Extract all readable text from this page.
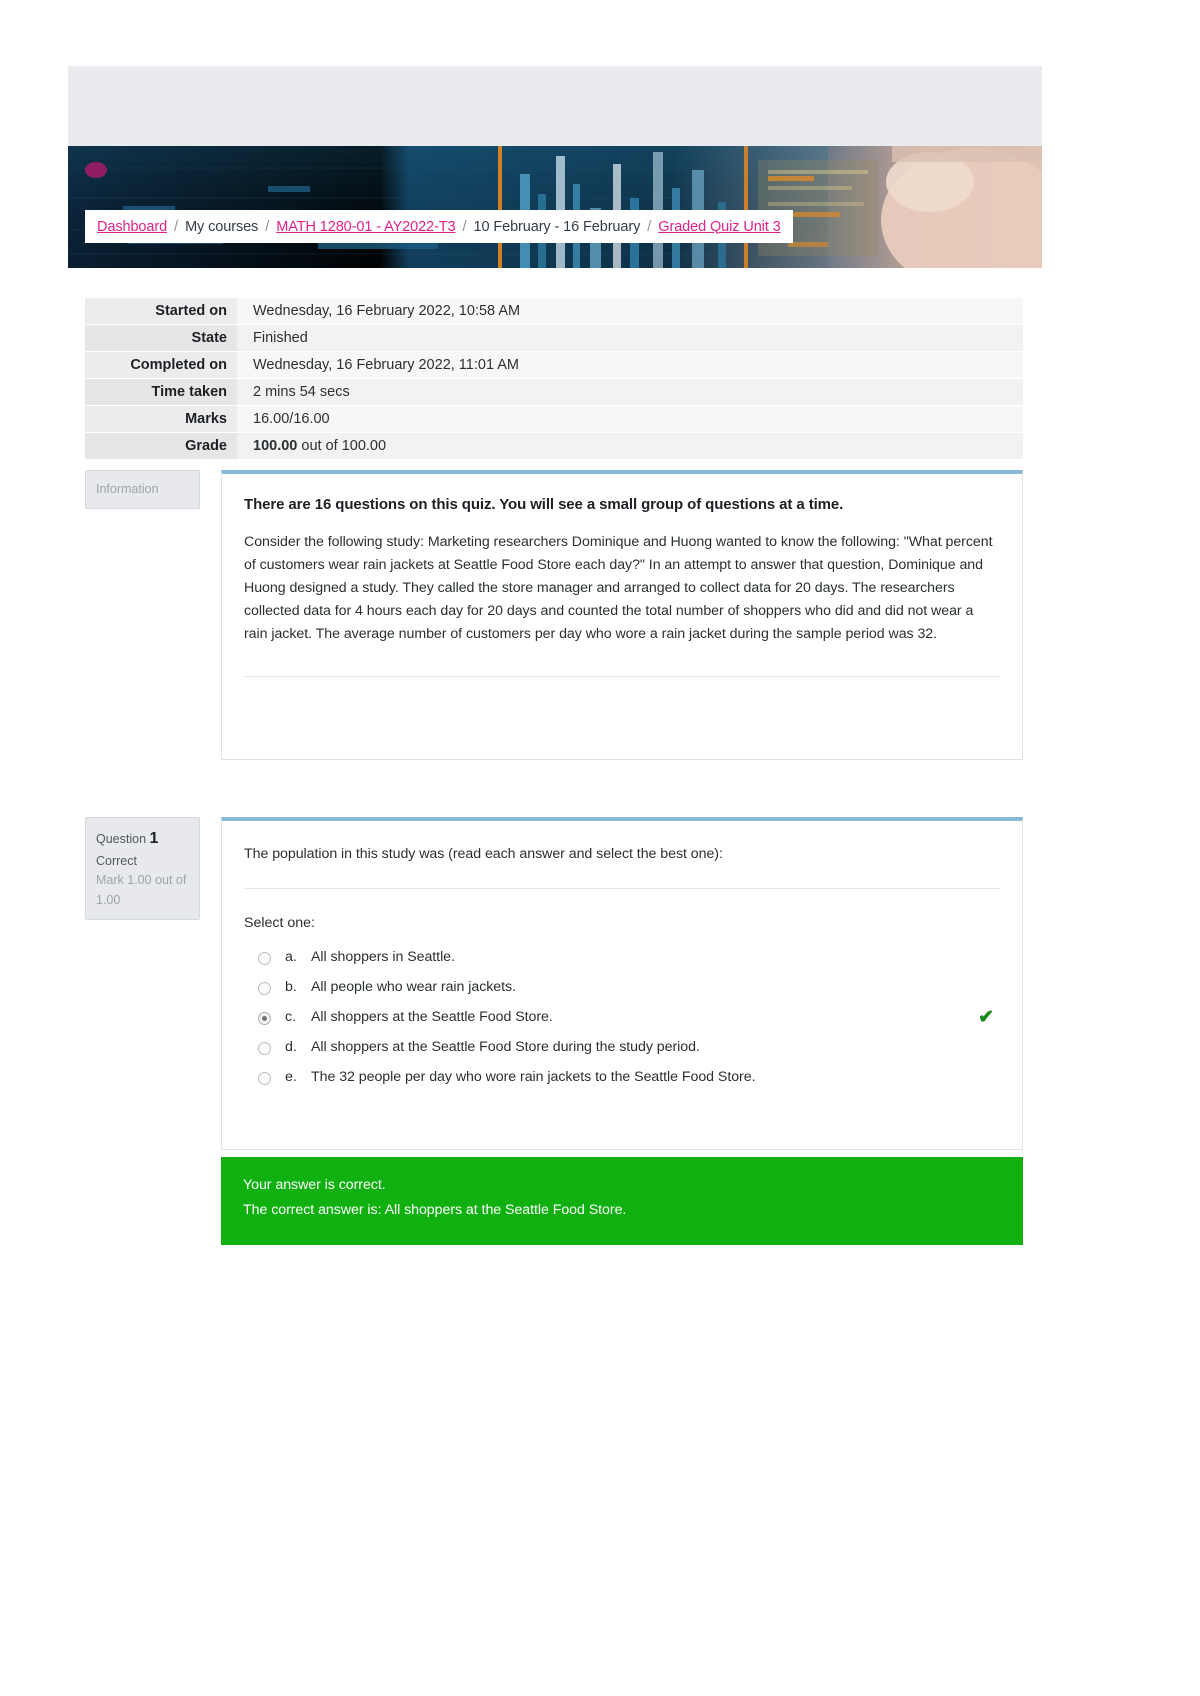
Dashboard / My courses / MATH 1280-01 - AY2022-T3 / 10 February - 16 February / Graded Quiz Unit 3
Started on	Wednesday, 16 February 2022, 10:58 AM
State	Finished
Completed on	Wednesday, 16 February 2022, 11:01 AM
Time taken	2 mins 54 secs
Marks	16.00/16.00
Grade	100.00 out of 100.00
Information
There are 16 questions on this quiz. You will see a small group of questions at a time.
Consider the following study: Marketing researchers Dominique and Huong wanted to know the following: "What percent of customers wear rain jackets at Seattle Food Store each day?" In an attempt to answer that question, Dominique and Huong designed a study. They called the store manager and arranged to collect data for 20 days. The researchers collected data for 4 hours each day for 20 days and counted the total number of shoppers who did and did not wear a rain jacket. The average number of customers per day who wore a rain jacket during the sample period was 32.
Question 1
Correct
Mark 1.00 out of 1.00
The population in this study was (read each answer and select the best one):
Select one:
a. All shoppers in Seattle.
b. All people who wear rain jackets.
c.	All shoppers at the Seattle Food Store.	✔
d. All shoppers at the Seattle Food Store during the study period.
e. The 32 people per day who wore rain jackets to the Seattle Food Store.

Your answer is correct.

The correct answer is: All shoppers at the Seattle Food Store.
